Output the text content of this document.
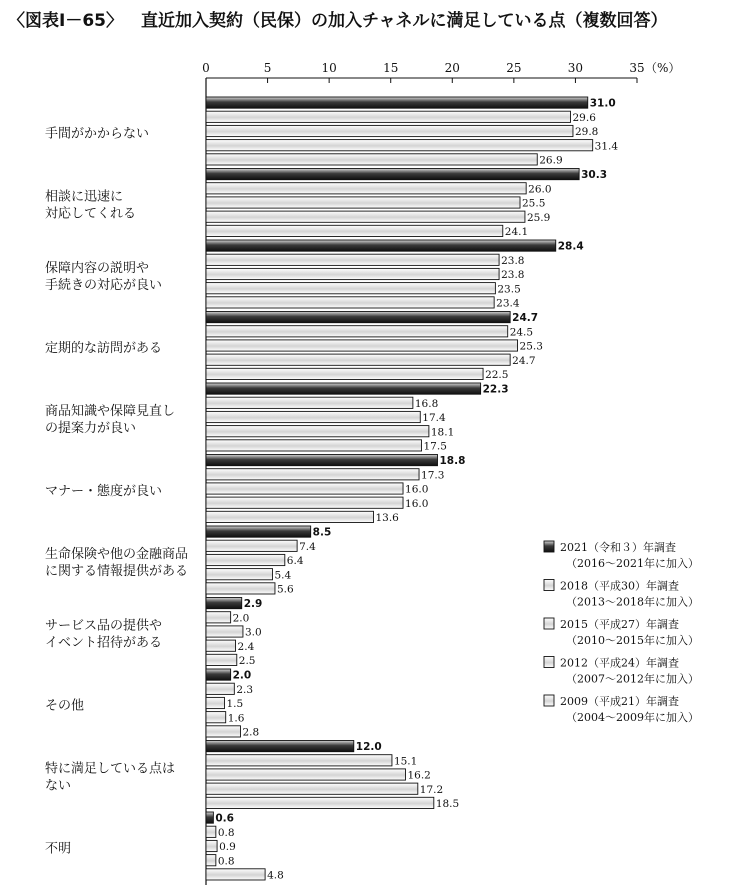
〈図表Ⅰ－65〉 直近加入契約（民保）の加入チャネルに満足している点（複数回答）
0	5	10	15	20	25	30	35 （%）
手間がかからない
31.0
29.6
29.8
31.4
26.9
相談に迅速に
対応してくれる
30.3
26.0
25.5
25.9
24.1
保障内容の説明や
手続きの対応が良い
28.4
23.8
23.8
23.5
23.4
定期的な訪問がある
24.7
24.5
25.3
24.7
22.5
商品知識や保障見直し
の提案力が良い
22.3
16.8
17.4
18.1
17.5
マナー・態度が良い
18.8
17.3
16.0
16.0
13.6
生命保険や他の金融商品
に関する情報提供がある
8.5
7.4
6.4
5.4
5.6
サービス品の提供や
イベント招待がある
2.9
2.0
3.0
2.4
2.5
その他
2.0
2.3
1.5
1.6
2.8
特に満足している点は
ない
12.0
15.1
16.2
17.2
18.5
不明
0.6
0.8
0.9
0.8
4.8
2021（令和３）年調査
（2016～2021年に加入）
2018（平成30）年調査
（2013～2018年に加入）
2015（平成27）年調査
（2010～2015年に加入）
2012（平成24）年調査
（2007～2012年に加入）
2009（平成21）年調査
（2004～2009年に加入）
